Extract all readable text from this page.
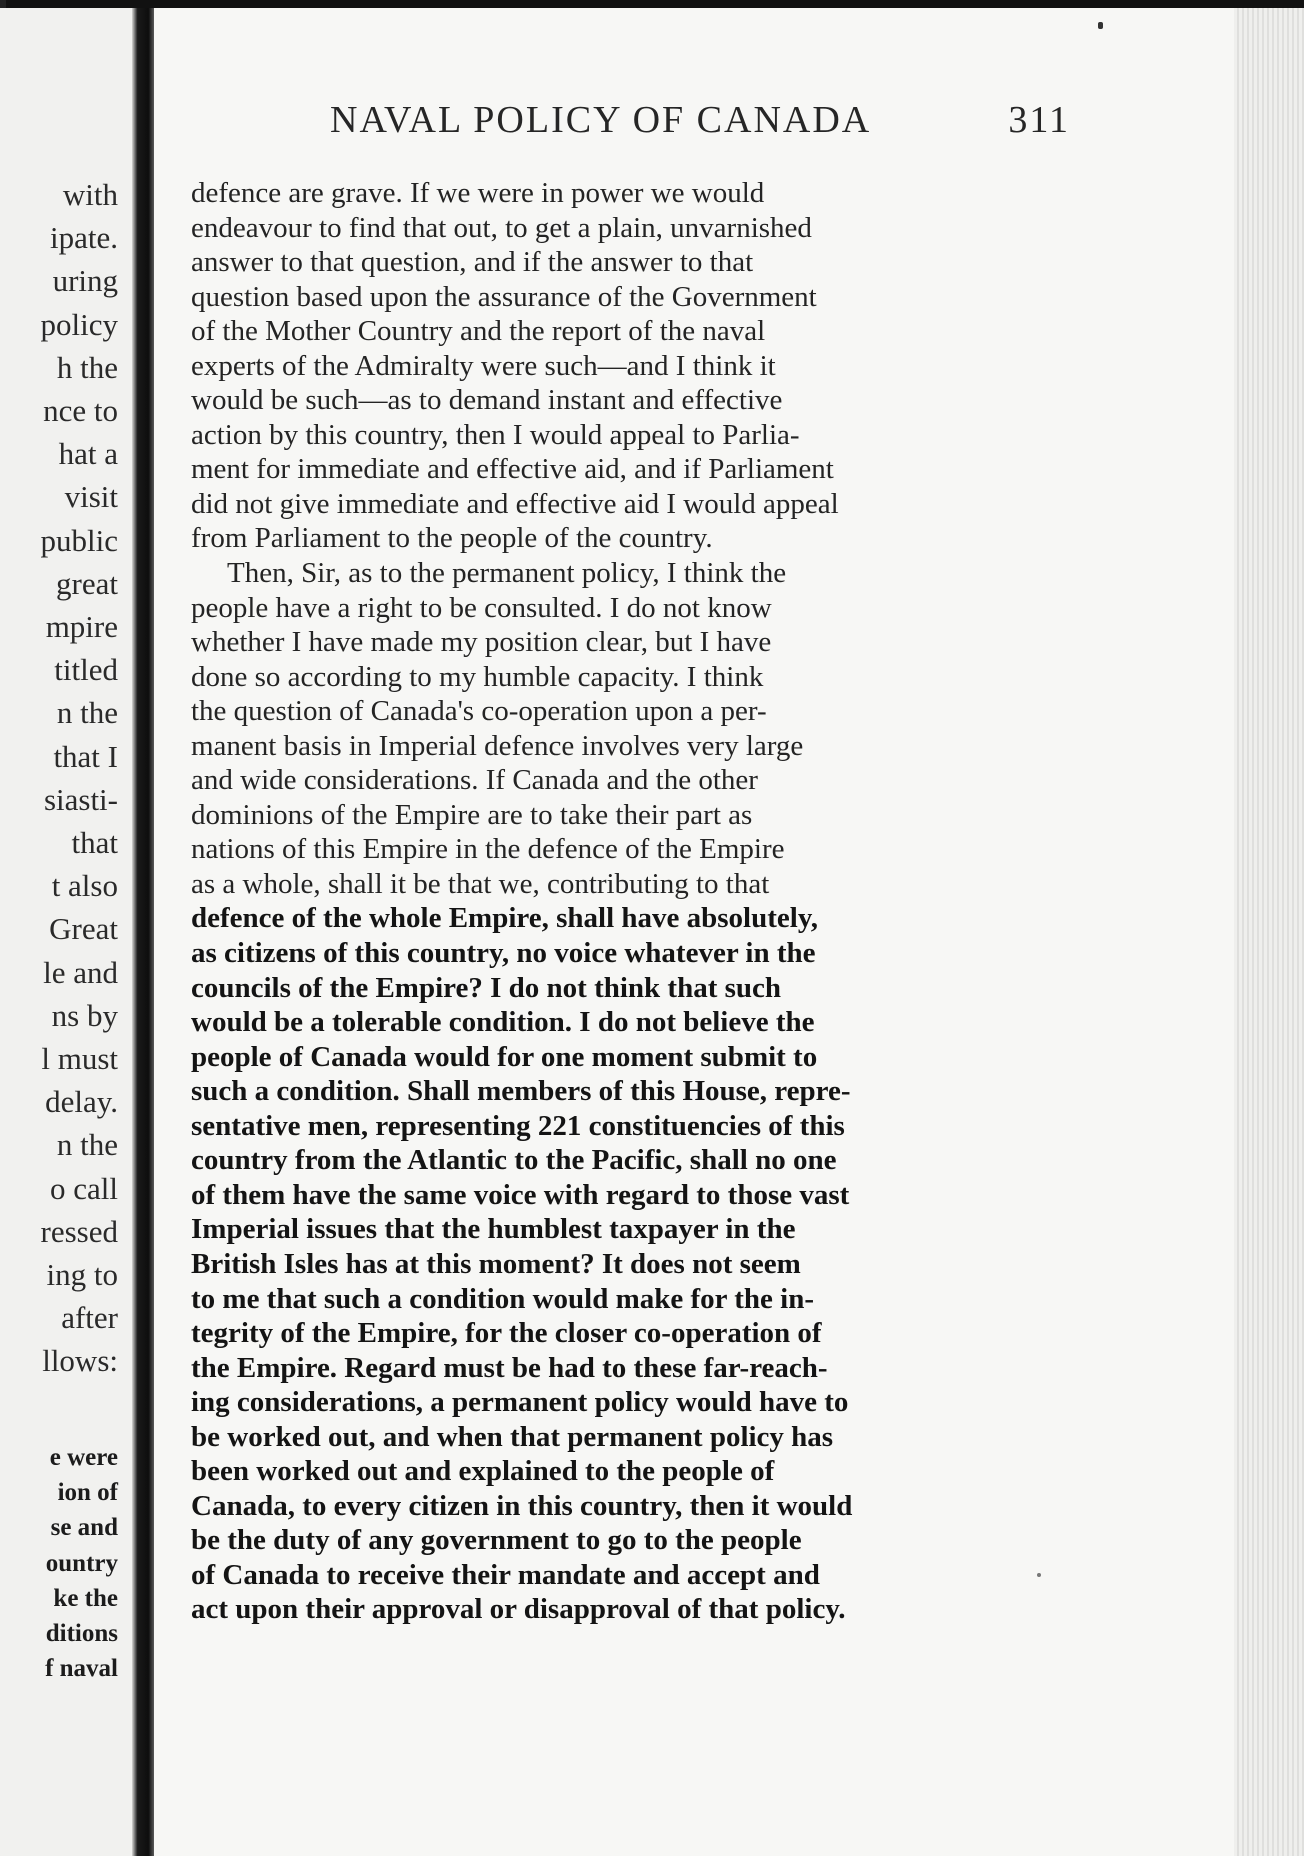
with
ipate.
uring
policy
h the
nce to
hat a
visit
public
great
mpire
titled
n the
that I
siasti-
that
t also
Great
le and
ns by
l must
delay.
n the
o call
ressed
ing to
after
llows:
e were
ion of
se and
ountry
ke the
ditions
f naval
NAVAL POLICY OF CANADA	311
defence are grave. If we were in power we would
endeavour to find that out, to get a plain, unvarnished
answer to that question, and if the answer to that
question based upon the assurance of the Government
of the Mother Country and the report of the naval
experts of the Admiralty were such—and I think it
would be such—as to demand instant and effective
action by this country, then I would appeal to Parlia-
ment for immediate and effective aid, and if Parliament
did not give immediate and effective aid I would appeal
from Parliament to the people of the country.
Then, Sir, as to the permanent policy, I think the
people have a right to be consulted. I do not know
whether I have made my position clear, but I have
done so according to my humble capacity. I think
the question of Canada's co-operation upon a per-
manent basis in Imperial defence involves very large
and wide considerations. If Canada and the other
dominions of the Empire are to take their part as
nations of this Empire in the defence of the Empire
as a whole, shall it be that we, contributing to that
defence of the whole Empire, shall have absolutely,
as citizens of this country, no voice whatever in the
councils of the Empire? I do not think that such
would be a tolerable condition. I do not believe the
people of Canada would for one moment submit to
such a condition. Shall members of this House, repre-
sentative men, representing 221 constituencies of this
country from the Atlantic to the Pacific, shall no one
of them have the same voice with regard to those vast
Imperial issues that the humblest taxpayer in the
British Isles has at this moment? It does not seem
to me that such a condition would make for the in-
tegrity of the Empire, for the closer co-operation of
the Empire. Regard must be had to these far-reach-
ing considerations, a permanent policy would have to
be worked out, and when that permanent policy has
been worked out and explained to the people of
Canada, to every citizen in this country, then it would
be the duty of any government to go to the people
of Canada to receive their mandate and accept and
act upon their approval or disapproval of that policy.
